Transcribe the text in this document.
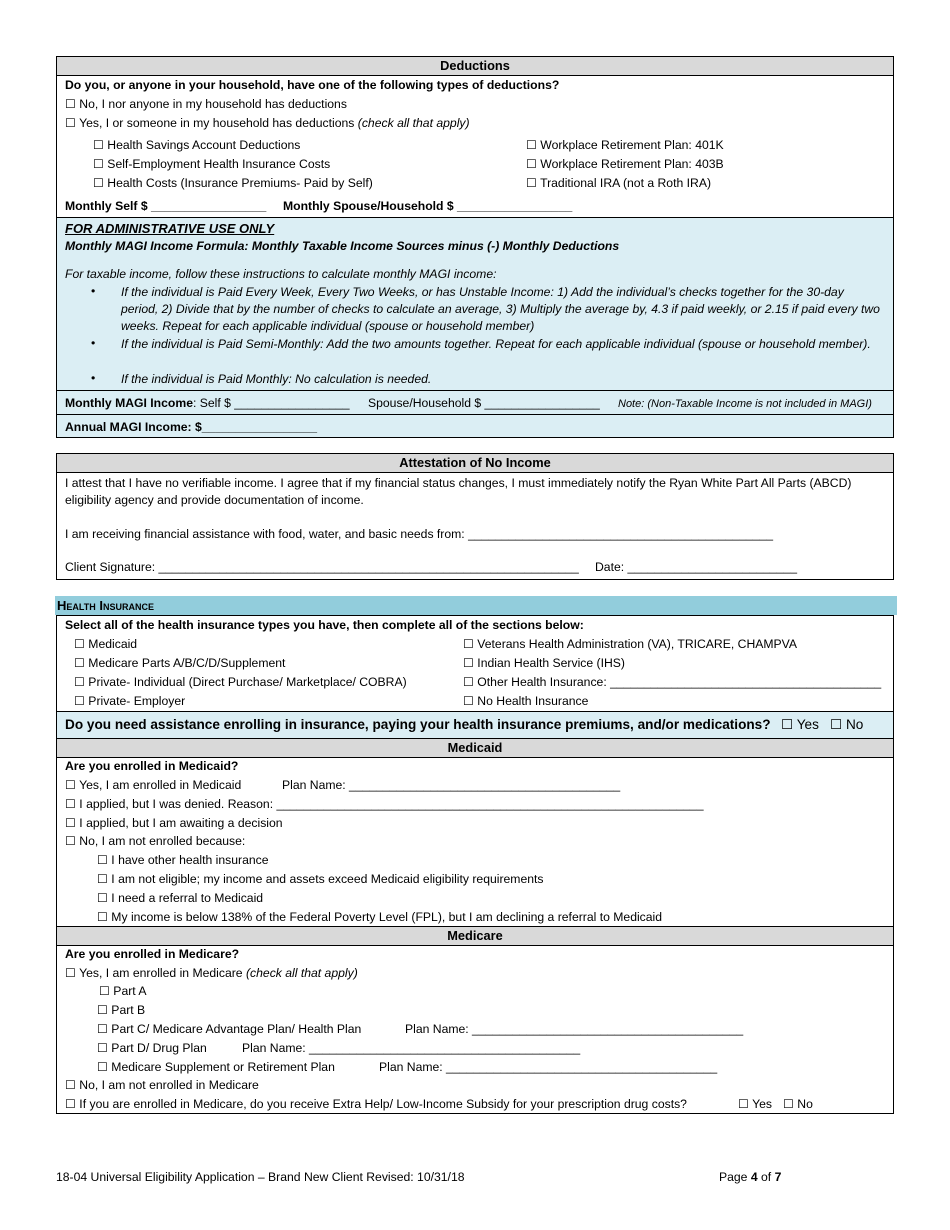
Deductions
Do you, or anyone in your household, have one of the following types of deductions?
☐ No, I nor anyone in my household has deductions
☐ Yes, I or someone in my household has deductions (check all that apply)
☐ Health Savings Account Deductions
☐ Self-Employment Health Insurance Costs
☐ Health Costs (Insurance Premiums- Paid by Self)
☐ Workplace Retirement Plan: 401K
☐ Workplace Retirement Plan: 403B
☐ Traditional IRA (not a Roth IRA)
Monthly Self $ _________________ Monthly Spouse/Household $ _________________
FOR ADMINISTRATIVE USE ONLY
Monthly MAGI Income Formula: Monthly Taxable Income Sources minus (-) Monthly Deductions
For taxable income, follow these instructions to calculate monthly MAGI income:
• If the individual is Paid Every Week, Every Two Weeks, or has Unstable Income: 1) Add the individual’s checks together for the 30-day period, 2) Divide that by the number of checks to calculate an average, 3) Multiply the average by, 4.3 if paid weekly, or 2.15 if paid every two weeks. Repeat for each applicable individual (spouse or household member)
• If the individual is Paid Semi-Monthly: Add the two amounts together. Repeat for each applicable individual (spouse or household member).
• If the individual is Paid Monthly: No calculation is needed.
Monthly MAGI Income: Self $ _________________ Spouse/Household $ _________________ Note: (Non-Taxable Income is not included in MAGI)
Annual MAGI Income: $_________________
Attestation of No Income
I attest that I have no verifiable income. I agree that if my financial status changes, I must immediately notify the Ryan White Part All Parts (ABCD) eligibility agency and provide documentation of income.
I am receiving financial assistance with food, water, and basic needs from: _____________________________________________
Client Signature: ______________________________________________________________ Date: _________________________
Health Insurance
Select all of the health insurance types you have, then complete all of the sections below:
☐ Medicaid
☐ Medicare Parts A/B/C/D/Supplement
☐ Private- Individual (Direct Purchase/ Marketplace/ COBRA)
☐ Private- Employer
☐ Veterans Health Administration (VA), TRICARE, CHAMPVA
☐ Indian Health Service (IHS)
☐ Other Health Insurance: ________________________________________
☐ No Health Insurance
Do you need assistance enrolling in insurance, paying your health insurance premiums, and/or medications? ☐ Yes ☐ No
Medicaid
Are you enrolled in Medicaid?
☐ Yes, I am enrolled in Medicaid	Plan Name: ________________________________________
☐ I applied, but I was denied. Reason: _______________________________________________________________
☐ I applied, but I am awaiting a decision
☐ No, I am not enrolled because:
☐ I have other health insurance
☐ I am not eligible; my income and assets exceed Medicaid eligibility requirements
☐ I need a referral to Medicaid
☐ My income is below 138% of the Federal Poverty Level (FPL), but I am declining a referral to Medicaid
Medicare
Are you enrolled in Medicare?
☐ Yes, I am enrolled in Medicare (check all that apply)
☐ Part A
☐ Part B
☐ Part C/ Medicare Advantage Plan/ Health Plan	Plan Name: ________________________________________
☐ Part D/ Drug Plan	Plan Name: ________________________________________
☐ Medicare Supplement or Retirement Plan	Plan Name: ________________________________________
☐ No, I am not enrolled in Medicare
☐ If you are enrolled in Medicare, do you receive Extra Help/ Low-Income Subsidy for your prescription drug costs?	☐ Yes ☐ No
18-04 Universal Eligibility Application – Brand New Client Revised: 10/31/18	Page 4 of 7
